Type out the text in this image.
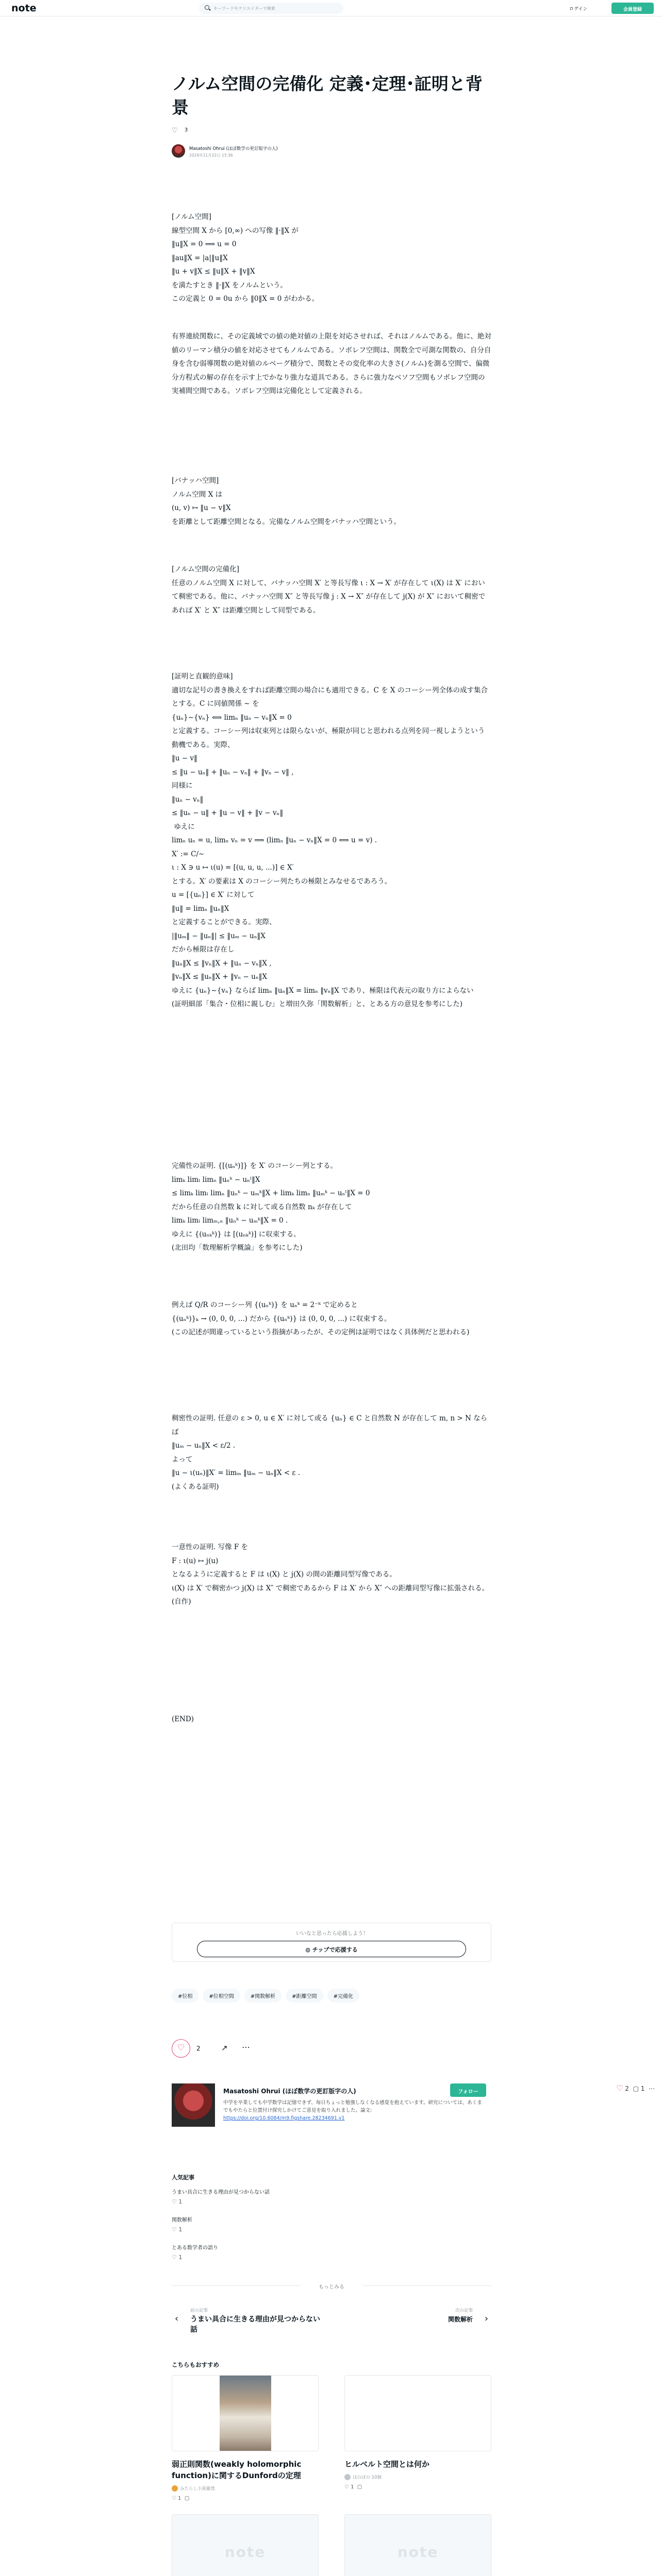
note	キーワードやクリエイターで検索	ログイン	会員登録
ノルム空間の完備化 定義･定理･証明と背景
♡ 3
Masatoshi Ohrui (ほぼ数学の更訂版字の人)
2024年11月22日 15:36
[ノルム空間]
線型空間 X から [0,∞) への写像 ‖·‖X が
‖u‖X = 0 ⟹ u = 0
‖au‖X = |a|‖u‖X
‖u + v‖X ≤ ‖u‖X + ‖v‖X
を満たすとき ‖·‖X をノルムという。
この定義と 0 = 0u から ‖0‖X = 0 がわかる。
有界連続関数に、その定義域での値の絶対値の上限を対応させれば、それはノルムである。他に、絶対値のリーマン積分の値を対応させてもノルムである。ソボレフ空間は、関数全で可測な関数の、自分自身を含む弱導関数の絶対値のルベーグ積分で、関数とその変化率の大きさ(ノルム)を測る空間で、偏微分方程式の解の存在を示す上でかなり強力な道具である。さらに強力なベソフ空間もソボレフ空間の実補間空間である。ソボレフ空間は完備化として定義される。
[バナッハ空間]
ノルム空間 X は
(u, v) ↦ ‖u − v‖X
を距離として距離空間となる。完備なノルム空間をバナッハ空間という。
[ノルム空間の完備化]
任意のノルム空間 X に対して、バナッハ空間 X′ と等長写像 ι : X → X′ が存在して ι(X) は X′ において稠密である。他に、バナッハ空間 X″ と等長写像 j : X → X″ が存在して j(X) が X″ において稠密であれば X′ と X″ は距離空間として同型である。
[証明と直観的意味]
適切な記号の書き換えをすれば距離空間の場合にも適用できる。C を X のコーシー列全体の成す集合とする。C に同値関係 ∼ を
{uₙ}∼{vₙ} ⟺ limₙ ‖uₙ − vₙ‖X = 0
と定義する。コーシー列は収束列とは限らないが、極限が同じと思われる点列を同一視しようという動機である。実際、
‖u − v‖
≤ ‖u − uₙ‖ + ‖uₙ − vₙ‖ + ‖vₙ − v‖ ,
同様に
‖uₙ − vₙ‖
≤ ‖uₙ − u‖ + ‖u − v‖ + ‖v − vₙ‖
ゆえに
limₙ uₙ = u, limₙ vₙ = v ⟹ (limₙ ‖uₙ − vₙ‖X = 0 ⟺ u = v) .
X′ := C/∼
ι : X ∋ u ↦ ι(u) = [(u, u, u, ...)] ∈ X′
とする。X′ の要素は X のコーシー列たちの極限とみなせるであろう。
u = [{uₙ}] ∈ X′ に対して
‖u‖ = limₙ ‖uₙ‖X
と定義することができる。実際、
|‖uₘ‖ − ‖uₙ‖| ≤ ‖uₘ − uₙ‖X
だから極限は存在し
‖uₙ‖X ≤ ‖vₙ‖X + ‖uₙ − vₙ‖X ,
‖vₙ‖X ≤ ‖uₙ‖X + ‖vₙ − uₙ‖X
ゆえに {uₙ}∼{vₙ} ならば limₙ ‖uₙ‖X = limₙ ‖vₙ‖X であり、極限は代表元の取り方によらない
(証明細部「集合・位相に親しむ」と増田久弥「関数解析」と、とある方の意見を参考にした)
完備性の証明. {[(uₙᵏ)]} を X′ のコーシー列とする。
limₖ limₗ limₙ ‖uₙᵏ − uₙˡ‖X
≤ limₖ limₗ limₙ ‖uₙᵏ − uₘᵏ‖X + limₖ limₙ ‖uₘᵏ − uₙˡ‖X = 0
だから任意の自然数 k に対して或る自然数 nₖ が存在して
limₖ limₗ limₘ,ₙ ‖uₙᵏ − uₘᵏ‖X = 0 .
ゆえに {(uₙₖᵏ)} は [(uₙₖᵏ)] に収束する。
(北田均「数理解析学概論」を参考にした)
例えば Q/R のコーシー列 {(uₙᵏ)} を uₙᵏ = 2⁻ᵏ で定めると
{(uₙᵏ)}ₖ → (0, 0, 0, ...) だから {(uₙᵏ)} は (0, 0, 0, ...) に収束する。
(この記述が間違っているという指摘があったが、その定例は証明ではなく具体例だと思われる)
稠密性の証明. 任意の ε > 0, u ∈ X′ に対して或る {uₙ} ∈ C と自然数 N が存在して m, n > N ならば
‖uₘ − uₙ‖X < ε/2 .
よって
‖u − ι(uₙ)‖X′ = limₘ ‖uₘ − uₙ‖X < ε .
(よくある証明)
一意性の証明. 写像 F を
F : ι(u) ↦ j(u)
となるように定義すると F は ι(X) と j(X) の間の距離同型写像である。
ι(X) は X′ で稠密かつ j(X) は X″ で稠密であるから F は X′ から X″ への距離同型写像に拡張される。
(自作)
(END)
いいなと思ったら応援しよう！
◍ チップで応援する
#位相	#位相空間	#関数解析	#距離空間	#完備化
♡	2	↗ ⋯
Masatoshi Ohrui (ほぼ数学の更訂版字の人)	フォロー
中学を卒業しても中学数学は記憶できず、毎日ちょっと勉強しなくなる感覚を抱えています。研究については、あくまでもやたらと位置付け探究しかけてご意見を取り入れました。論文: https://doi.org/10.6084/m9.figshare.28234691.v1
人気記事
うまい具合に生きる理由が見つからない話
♡ 1
関数解析
♡ 1
とある数学者の語り
♡ 1
もっとみる
‹
前の記事
うまい具合に生きる理由が見つからない話
›
次の記事
関数解析
こちらもおすすめ
弱正則関数(weakly holomorphic function)に関するDunfordの定理
みたらし小説雑貨
♡ 1  ▢
ヒルベルト空間とは何か
ほのぼの 10個
♡ 1  ▢
note	note
♡ 2 ▢ 1 ⋯
